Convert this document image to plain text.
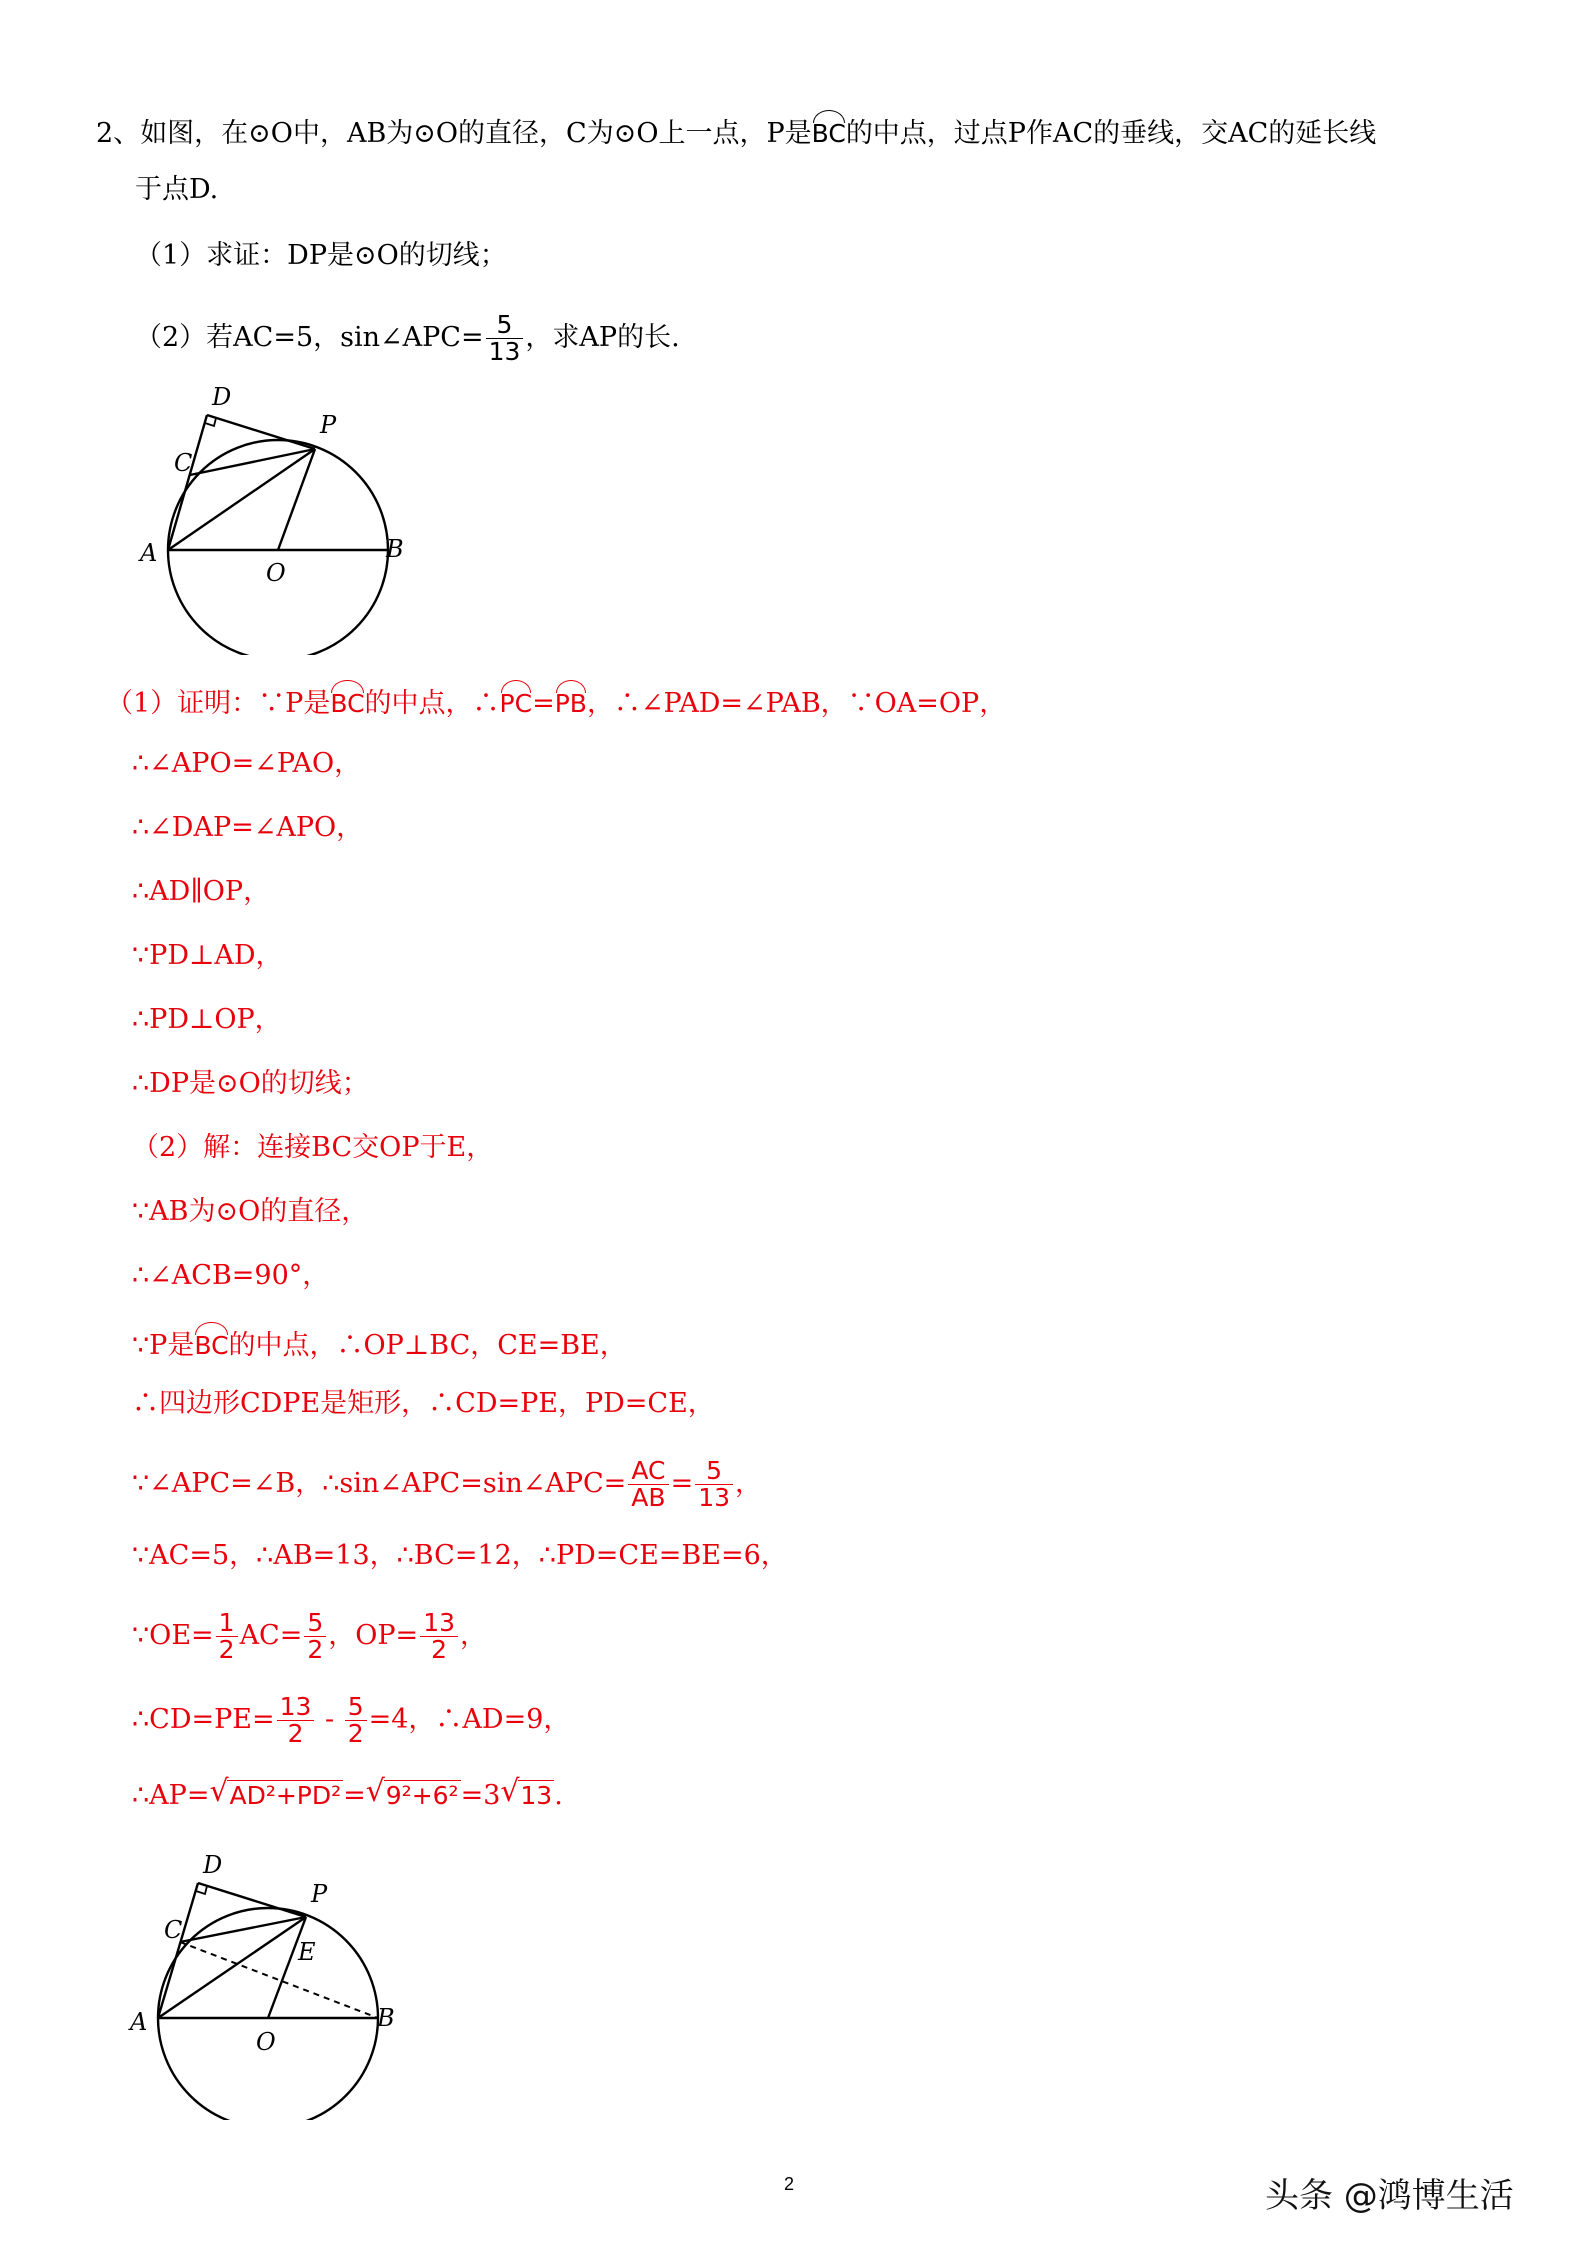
2、如图，在⊙O中，AB为⊙O的直径，C为⊙O上一点，P是BC的中点，过点P作AC的垂线，交AC的延长线
于点D.
（1）求证：DP是⊙O的切线；
（2）若AC=5，sin∠APC= $\frac{5}{13}$ ，求AP的长.
D
C
P
A
O
B
（1）证明：∵P是BC的中点，∴PC=PB，∴∠PAD=∠PAB，∵OA=OP，
∴∠APO=∠PAO，
∴∠DAP=∠APO，
∴AD∥OP，
∵PD⊥AD，
∴PD⊥OP，
∴DP是⊙O的切线；
（2）解：连接BC交OP于E，
∵AB为⊙O的直径，
∴∠ACB=90°，
∵P是BC的中点，∴OP⊥BC，CE=BE，
∴四边形CDPE是矩形，∴CD=PE，PD=CE，
∵∠APC=∠B，∴sin∠APC=sin∠APC= $\frac{AC}{AB} = \frac{5}{13}$ ，
∵AC=5，∴AB=13，∴BC=12，∴PD=CE=BE=6，
∵OE= $\frac{1}{2} AC= \frac{5}{2}$ ，$OP= \frac{13}{2}$ ，
∴CD=PE= $\frac{13}{2} - \frac{5}{2} =4$，∴AD=9，
∴AP= √ AD²+PD²= √ 9²+6²=3 √ 13.
D
C
P
E
A
O
B
2	头条 @鸿博生活
